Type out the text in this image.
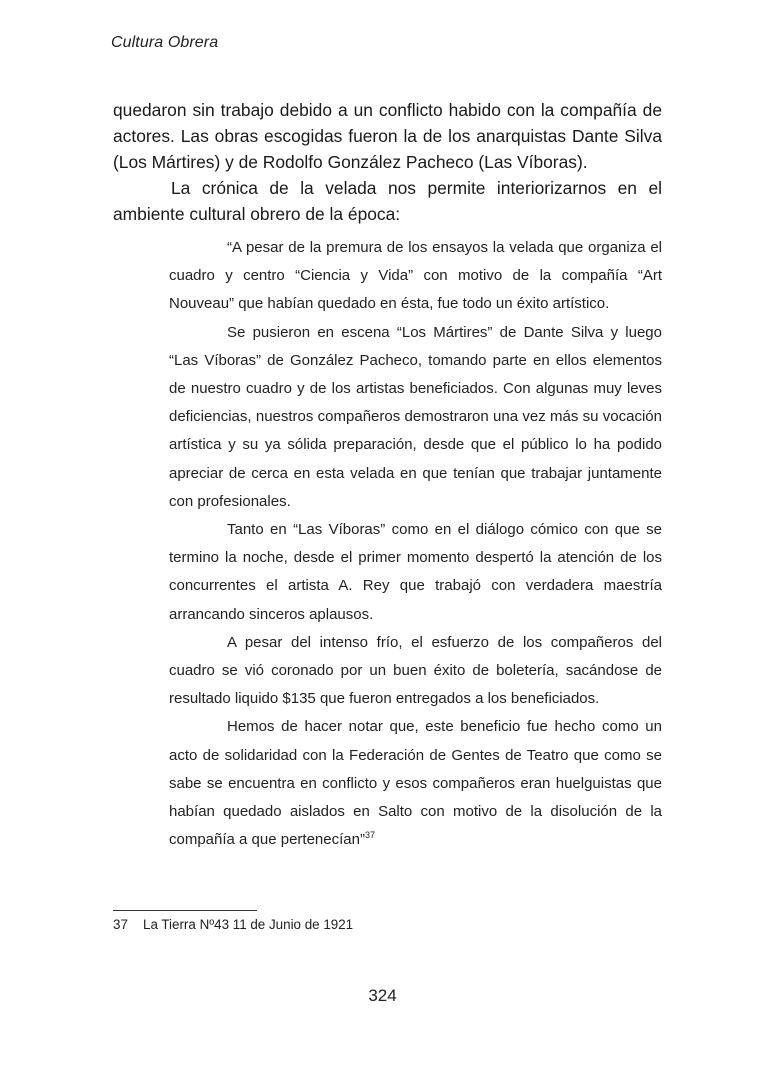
Cultura Obrera

quedaron sin trabajo debido a un conflicto habido con la compañía de actores. Las obras escogidas fueron la de los anarquistas Dante Silva (Los Mártires) y de Rodolfo González Pacheco (Las Víboras).

La crónica de la velada nos permite interiorizarnos en el ambiente cultural obrero de la época:

“A pesar de la premura de los ensayos la velada que organiza el cuadro y centro “Ciencia y Vida” con motivo de la compañía “Art Nouveau” que habían quedado en ésta, fue todo un éxito artístico.

Se pusieron en escena “Los Mártires” de Dante Silva y luego “Las Víboras” de González Pacheco, tomando parte en ellos elementos de nuestro cuadro y de los artistas beneficiados. Con algunas muy leves deficiencias, nuestros compañeros demostraron una vez más su vocación artística y su ya sólida preparación, desde que el público lo ha podido apreciar de cerca en esta velada en que tenían que trabajar juntamente con profesionales.

Tanto en “Las Víboras” como en el diálogo cómico con que se termino la noche, desde el primer momento despertó la atención de los concurrentes el artista A. Rey que trabajó con verdadera maestría arrancando sinceros aplausos.

A pesar del intenso frío, el esfuerzo de los compañeros del cuadro se vió coronado por un buen éxito de boletería, sacándose de resultado liquido $135 que fueron entregados a los beneficiados.

Hemos de hacer notar que, este beneficio fue hecho como un acto de solidaridad con la Federación de Gentes de Teatro que como se sabe se encuentra en conflicto y esos compañeros eran huelguistas que habían quedado aislados en Salto con motivo de la disolución de la compañía a que pertenecían”$^{37}$

37 La Tierra Nº43 11 de Junio de 1921
324
